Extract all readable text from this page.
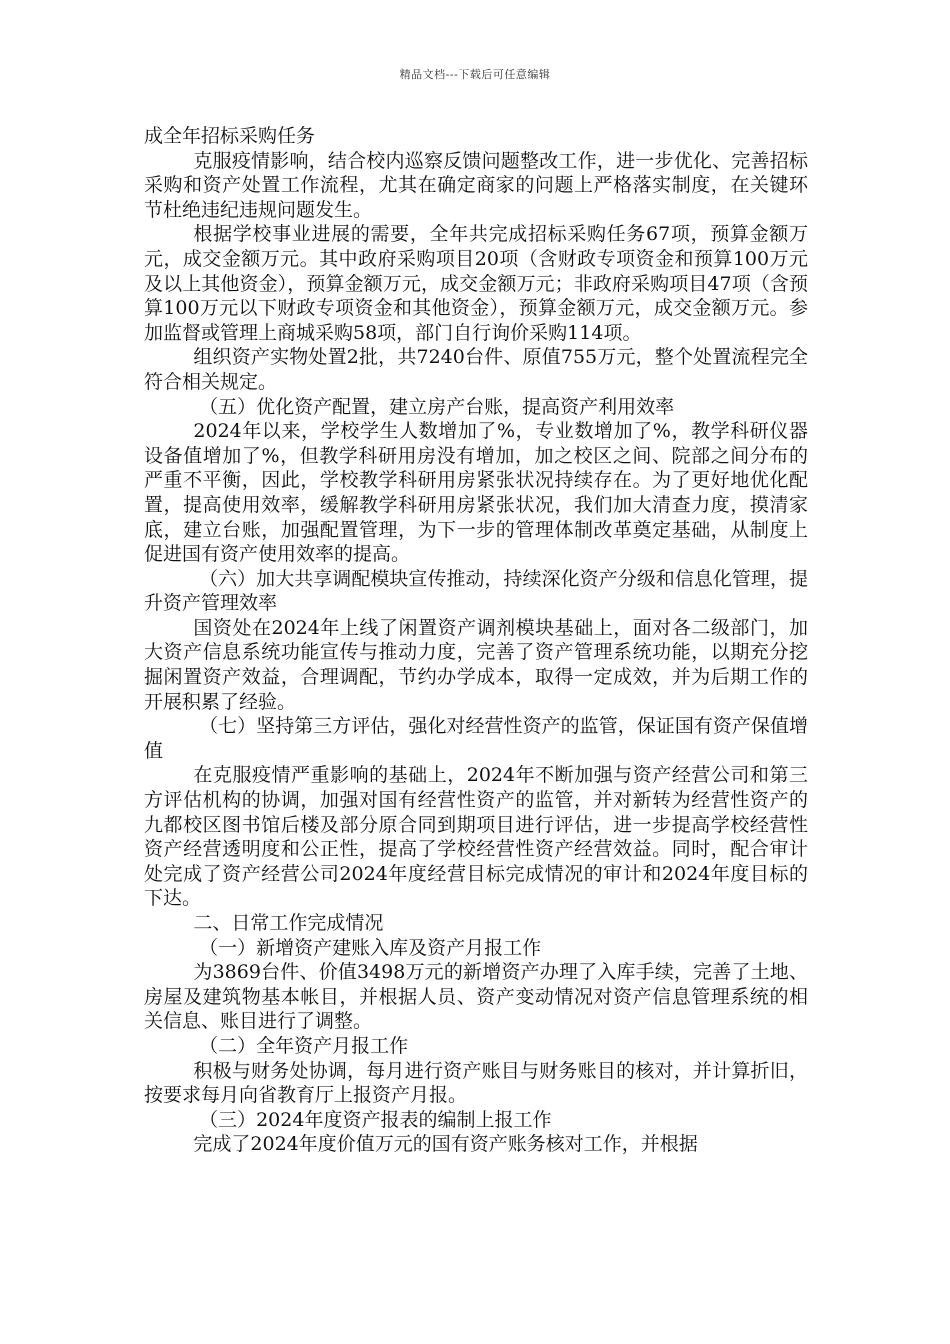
精品文档---下载后可任意编辑

成全年招标采购任务

克服疫情影响，结合校内巡察反馈问题整改工作，进一步优化、完善招标采购和资产处置工作流程，尤其在确定商家的问题上严格落实制度，在关键环节杜绝违纪违规问题发生。

根据学校事业进展的需要，全年共完成招标采购任务67项，预算金额万元，成交金额万元。其中政府采购项目20项（含财政专项资金和预算100万元及以上其他资金），预算金额万元，成交金额万元；非政府采购项目47项（含预算100万元以下财政专项资金和其他资金），预算金额万元，成交金额万元。参加监督或管理上商城采购58项，部门自行询价采购114项。

组织资产实物处置2批，共7240台件、原值755万元，整个处置流程完全符合相关规定。

（五）优化资产配置，建立房产台账，提高资产利用效率

2024年以来，学校学生人数增加了%，专业数增加了%，教学科研仪器设备值增加了%，但教学科研用房没有增加，加之校区之间、院部之间分布的严重不平衡，因此，学校教学科研用房紧张状况持续存在。为了更好地优化配置，提高使用效率，缓解教学科研用房紧张状况，我们加大清查力度，摸清家底，建立台账，加强配置管理，为下一步的管理体制改革奠定基础，从制度上促进国有资产使用效率的提高。

（六）加大共享调配模块宣传推动，持续深化资产分级和信息化管理，提升资产管理效率

国资处在2024年上线了闲置资产调剂模块基础上，面对各二级部门，加大资产信息系统功能宣传与推动力度，完善了资产管理系统功能，以期充分挖掘闲置资产效益，合理调配，节约办学成本，取得一定成效，并为后期工作的开展积累了经验。

（七）坚持第三方评估，强化对经营性资产的监管，保证国有资产保值增值

在克服疫情严重影响的基础上，2024年不断加强与资产经营公司和第三方评估机构的协调，加强对国有经营性资产的监管，并对新转为经营性资产的九都校区图书馆后楼及部分原合同到期项目进行评估，进一步提高学校经营性资产经营透明度和公正性，提高了学校经营性资产经营效益。同时，配合审计处完成了资产经营公司2024年度经营目标完成情况的审计和2024年度目标的下达。

二、日常工作完成情况

（一）新增资产建账入库及资产月报工作

为3869台件、价值3498万元的新增资产办理了入库手续，完善了土地、房屋及建筑物基本帐目，并根据人员、资产变动情况对资产信息管理系统的相关信息、账目进行了调整。

（二）全年资产月报工作

积极与财务处协调，每月进行资产账目与财务账目的核对，并计算折旧，按要求每月向省教育厅上报资产月报。

（三）2024年度资产报表的编制上报工作

完成了2024年度价值万元的国有资产账务核对工作，并根据
